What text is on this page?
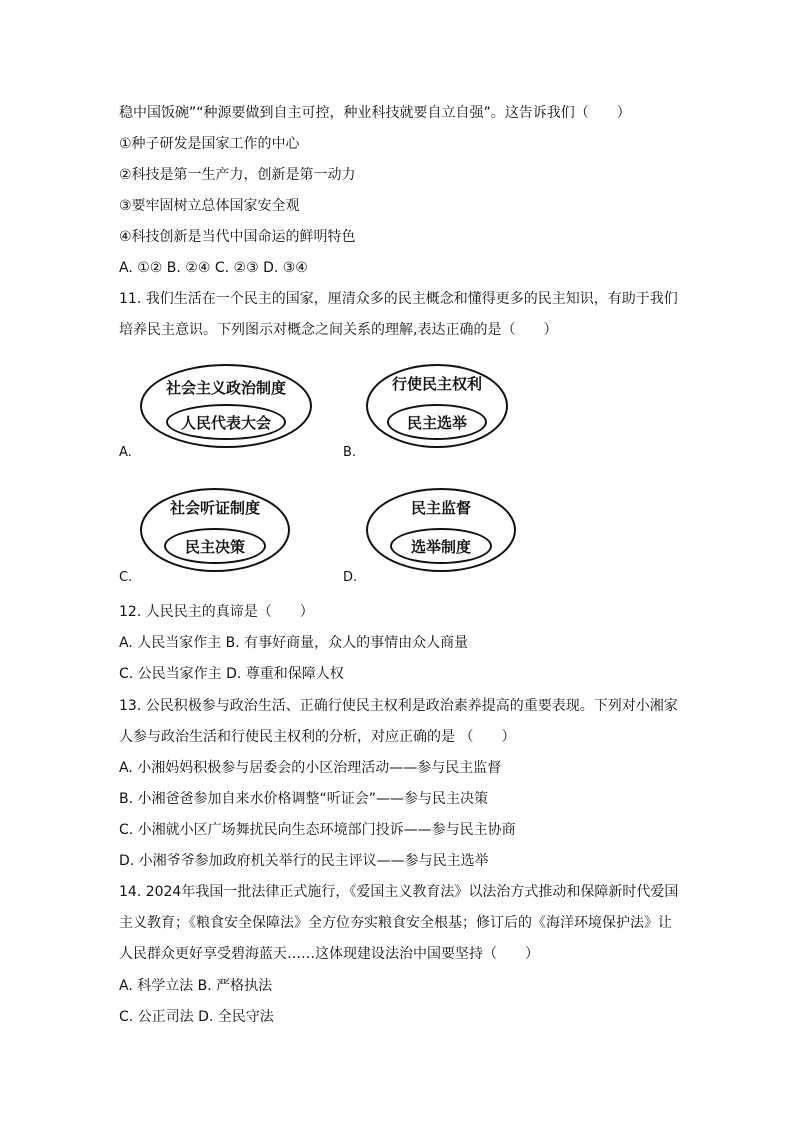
稳中国饭碗”“种源要做到自主可控，种业科技就要自立自强”。这告诉我们（　　）
①种子研发是国家工作的中心
②科技是第一生产力，创新是第一动力
③要牢固树立总体国家安全观
④科技创新是当代中国命运的鲜明特色
A. ①② B. ②④ C. ②③ D. ③④
11. 我们生活在一个民主的国家，厘清众多的民主概念和懂得更多的民主知识，有助于我们
培养民主意识。下列图示对概念之间关系的理解,表达正确的是（　　）
社会主义政治制度
人民代表大会
A.
行使民主权利
民主选举
B.
社会听证制度
民主决策
C.
民主监督
选举制度
D.
12. 人民民主的真谛是（　　）
A. 人民当家作主 B. 有事好商量，众人的事情由众人商量
C. 公民当家作主 D. 尊重和保障人权
13. 公民积极参与政治生活、正确行使民主权利是政治素养提高的重要表现。下列对小湘家
人参与政治生活和行使民主权利的分析，对应正确的是 （　　）
A. 小湘妈妈积极参与居委会的小区治理活动——参与民主监督
B. 小湘爸爸参加自来水价格调整“听证会”——参与民主决策
C. 小湘就小区广场舞扰民向生态环境部门投诉——参与民主协商
D. 小湘爷爷参加政府机关举行的民主评议——参与民主选举
14. 2024年我国一批法律正式施行，《爱国主义教育法》以法治方式推动和保障新时代爱国
主义教育；《粮食安全保障法》全方位夯实粮食安全根基；修订后的《海洋环境保护法》让
人民群众更好享受碧海蓝天……这体现建设法治中国要坚持（　　）
A. 科学立法 B. 严格执法
C. 公正司法 D. 全民守法
